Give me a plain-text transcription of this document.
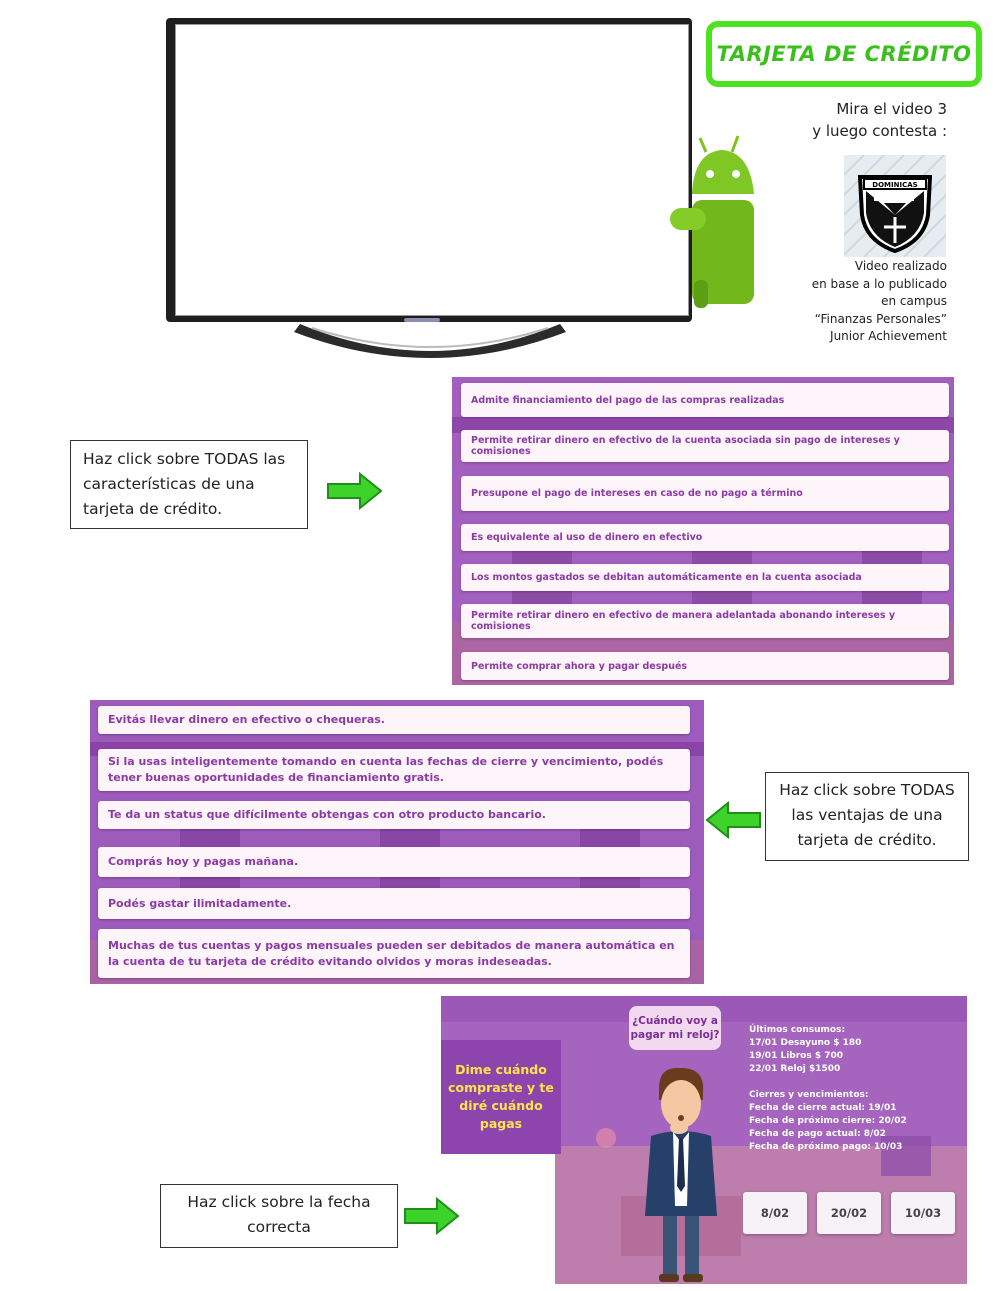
TARJETA DE CRÉDITO
Mira el video 3
y luego contesta :
DOMINICAS
Video realizado
en base a lo publicado
en campus
“Finanzas Personales”
Junior Achievement
Haz click sobre TODAS las características de una tarjeta de crédito.
Admite financiamiento del pago de las compras realizadas
Permite retirar dinero en efectivo de la cuenta asociada sin pago de intereses y comisiones
Presupone el pago de intereses en caso de no pago a término
Es equivalente al uso de dinero en efectivo
Los montos gastados se debitan automáticamente en la cuenta asociada
Permite retirar dinero en efectivo de manera adelantada abonando intereses y comisiones
Permite comprar ahora y pagar después
Evitás llevar dinero en efectivo o chequeras.
Si la usas inteligentemente tomando en cuenta las fechas de cierre y vencimiento, podés tener buenas oportunidades de financiamiento gratis.
Te da un status que difícilmente obtengas con otro producto bancario.
Comprás hoy y pagas mañana.
Podés gastar ilimitadamente.
Muchas de tus cuentas y pagos mensuales pueden ser debitados de manera automática en la cuenta de tu tarjeta de crédito evitando olvidos y moras indeseadas.
Haz click sobre TODAS las ventajas de una tarjeta de crédito.
Dime cuándo compraste y te diré cuándo pagas
¿Cuándo voy a pagar mi reloj?	Últimos consumos:
17/01 Desayuno $ 180
19/01 Libros $ 700
22/01 Reloj $1500
Cierres y vencimientos:
Fecha de cierre actual: 19/01
Fecha de próximo cierre: 20/02
Fecha de pago actual: 8/02
Fecha de próximo pago: 10/03
8/02	20/02	10/03
Haz click sobre la fecha correcta
